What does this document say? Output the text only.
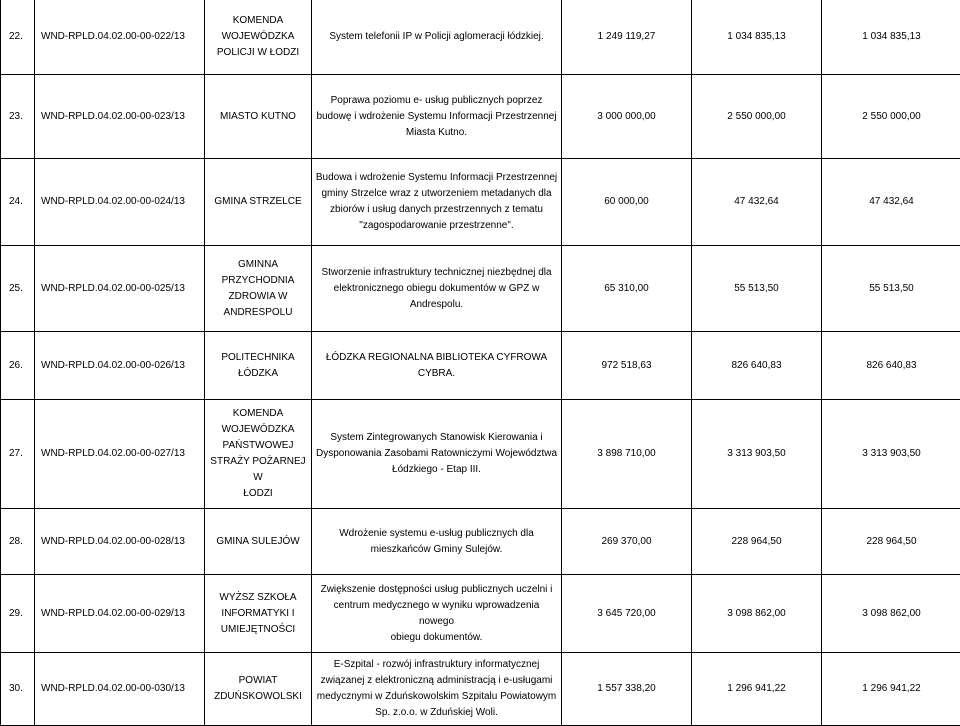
22.	WND-RPLD.04.02.00-00-022/13	KOMENDA
WOJEWÓDZKA
POLICJI W ŁODZI	System telefonii IP w Policji aglomeracji łódzkiej.	1 249 119,27	1 034 835,13	1 034 835,13
23.	WND-RPLD.04.02.00-00-023/13	MIASTO KUTNO	Poprawa poziomu e- usług publicznych poprzez
budowę i wdrożenie Systemu Informacji Przestrzennej
Miasta Kutno.	3 000 000,00	2 550 000,00	2 550 000,00
24.	WND-RPLD.04.02.00-00-024/13	GMINA STRZELCE	Budowa i wdrożenie Systemu Informacji Przestrzennej
gminy Strzelce wraz z utworzeniem metadanych dla
zbiorów i usług danych przestrzennych z tematu
"zagospodarowanie przestrzenne".	60 000,00	47 432,64	47 432,64
25.	WND-RPLD.04.02.00-00-025/13	GMINNA
PRZYCHODNIA
ZDROWIA W
ANDRESPOLU	Stworzenie infrastruktury technicznej niezbędnej dla
elektronicznego obiegu dokumentów w GPZ w
Andrespolu.	65 310,00	55 513,50	55 513,50
26.	WND-RPLD.04.02.00-00-026/13	POLITECHNIKA
ŁÓDZKA	ŁÓDZKA REGIONALNA BIBLIOTEKA CYFROWA
CYBRA.	972 518,63	826 640,83	826 640,83
27.	WND-RPLD.04.02.00-00-027/13	KOMENDA
WOJEWÓDZKA
PAŃSTWOWEJ
STRAŻY POŻARNEJ W
ŁODZI	System Zintegrowanych Stanowisk Kierowania i
Dysponowania Zasobami Ratowniczymi Województwa
Łódzkiego - Etap III.	3 898 710,00	3 313 903,50	3 313 903,50
28.	WND-RPLD.04.02.00-00-028/13	GMINA SULEJÓW	Wdrożenie systemu e-usług publicznych dla
mieszkańców Gminy Sulejów.	269 370,00	228 964,50	228 964,50
29.	WND-RPLD.04.02.00-00-029/13	WYŻSZ SZKOŁA
INFORMATYKI I
UMIEJĘTNOŚCI	Zwiększenie dostępności usług publicznych uczelni i
centrum medycznego w wyniku wprowadzenia nowego
obiegu dokumentów.	3 645 720,00	3 098 862,00	3 098 862,00
30.	WND-RPLD.04.02.00-00-030/13	POWIAT
ZDUŃSKOWOLSKI	E-Szpital - rozwój infrastruktury informatycznej
związanej z elektroniczną administracją i e-usługami
medycznymi w Zduńskowolskim Szpitalu Powiatowym
Sp. z.o.o. w Zduńskiej Woli.	1 557 338,20	1 296 941,22	1 296 941,22
